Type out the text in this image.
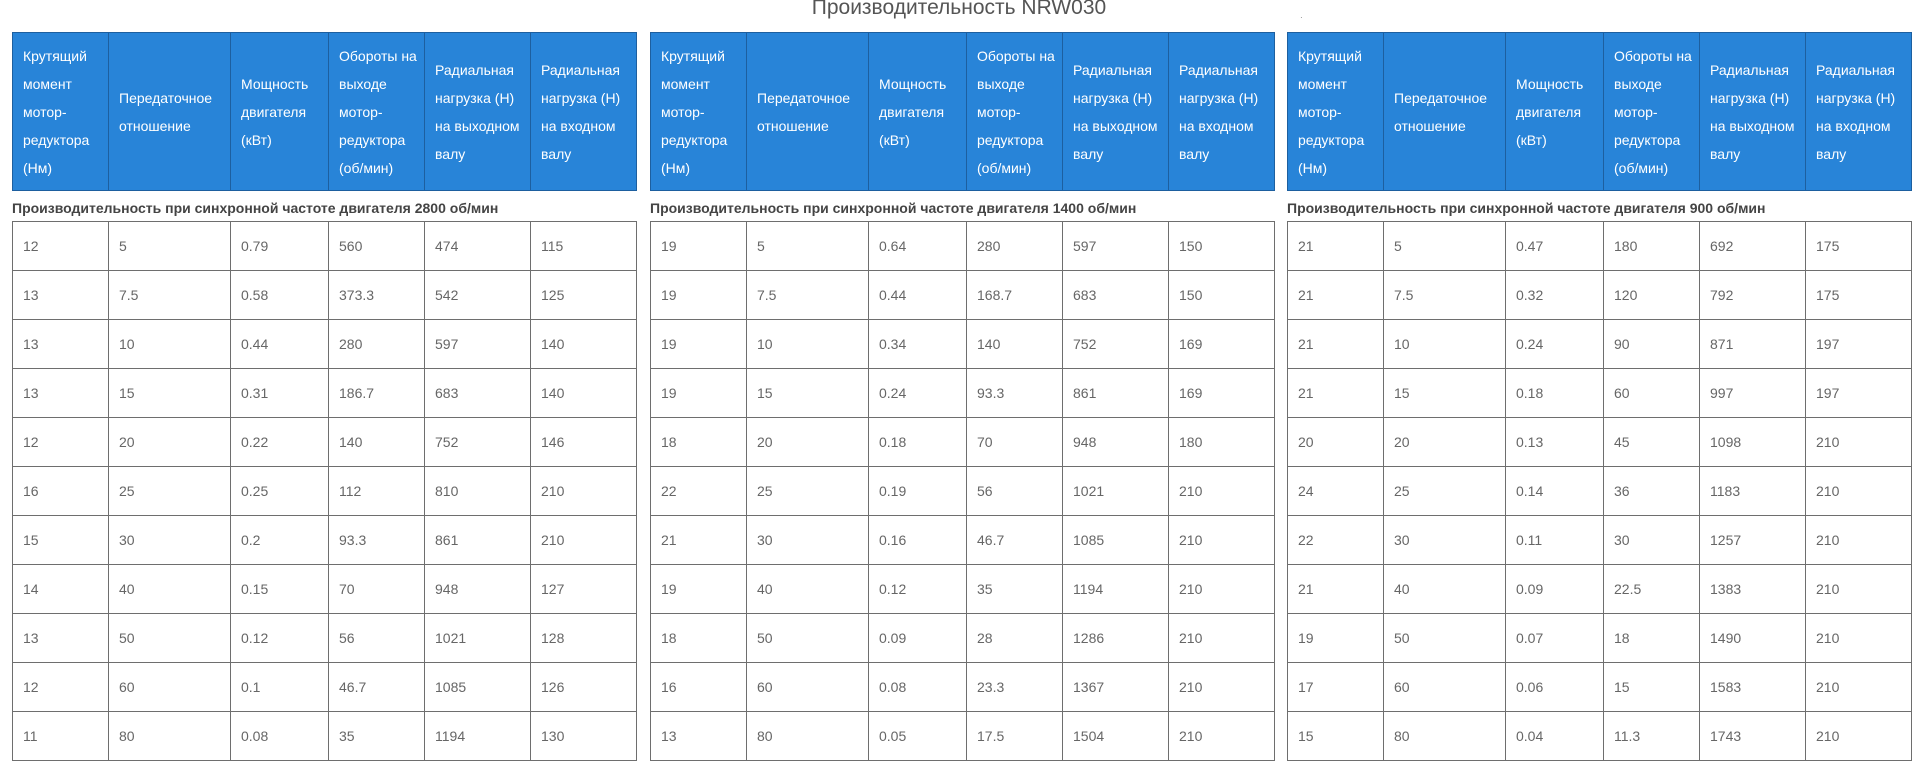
Производительность NRW030	·
Крутящий момент мотор-редуктора (Нм)	Передаточное отношение	Мощность двигателя (кВт)	Обороты на выходе мотор-редуктора (об/мин)	Радиальная нагрузка (Н) на выходном валу	Радиальная нагрузка (Н) на входном валу
Производительность при синхронной частоте двигателя 2800 об/мин
12	5	0.79	560	474	115
13	7.5	0.58	373.3	542	125
13	10	0.44	280	597	140
13	15	0.31	186.7	683	140
12	20	0.22	140	752	146
16	25	0.25	112	810	210
15	30	0.2	93.3	861	210
14	40	0.15	70	948	127
13	50	0.12	56	1021	128
12	60	0.1	46.7	1085	126
11	80	0.08	35	1194	130
Крутящий момент мотор-редуктора (Нм)	Передаточное отношение	Мощность двигателя (кВт)	Обороты на выходе мотор-редуктора (об/мин)	Радиальная нагрузка (Н) на выходном валу	Радиальная нагрузка (Н) на входном валу
Производительность при синхронной частоте двигателя 1400 об/мин
19	5	0.64	280	597	150
19	7.5	0.44	168.7	683	150
19	10	0.34	140	752	169
19	15	0.24	93.3	861	169
18	20	0.18	70	948	180
22	25	0.19	56	1021	210
21	30	0.16	46.7	1085	210
19	40	0.12	35	1194	210
18	50	0.09	28	1286	210
16	60	0.08	23.3	1367	210
13	80	0.05	17.5	1504	210
Крутящий момент мотор-редуктора (Нм)	Передаточное отношение	Мощность двигателя (кВт)	Обороты на выходе мотор-редуктора (об/мин)	Радиальная нагрузка (Н) на выходном валу	Радиальная нагрузка (Н) на входном валу
Производительность при синхронной частоте двигателя 900 об/мин
21	5	0.47	180	692	175
21	7.5	0.32	120	792	175
21	10	0.24	90	871	197
21	15	0.18	60	997	197
20	20	0.13	45	1098	210
24	25	0.14	36	1183	210
22	30	0.11	30	1257	210
21	40	0.09	22.5	1383	210
19	50	0.07	18	1490	210
17	60	0.06	15	1583	210
15	80	0.04	11.3	1743	210
